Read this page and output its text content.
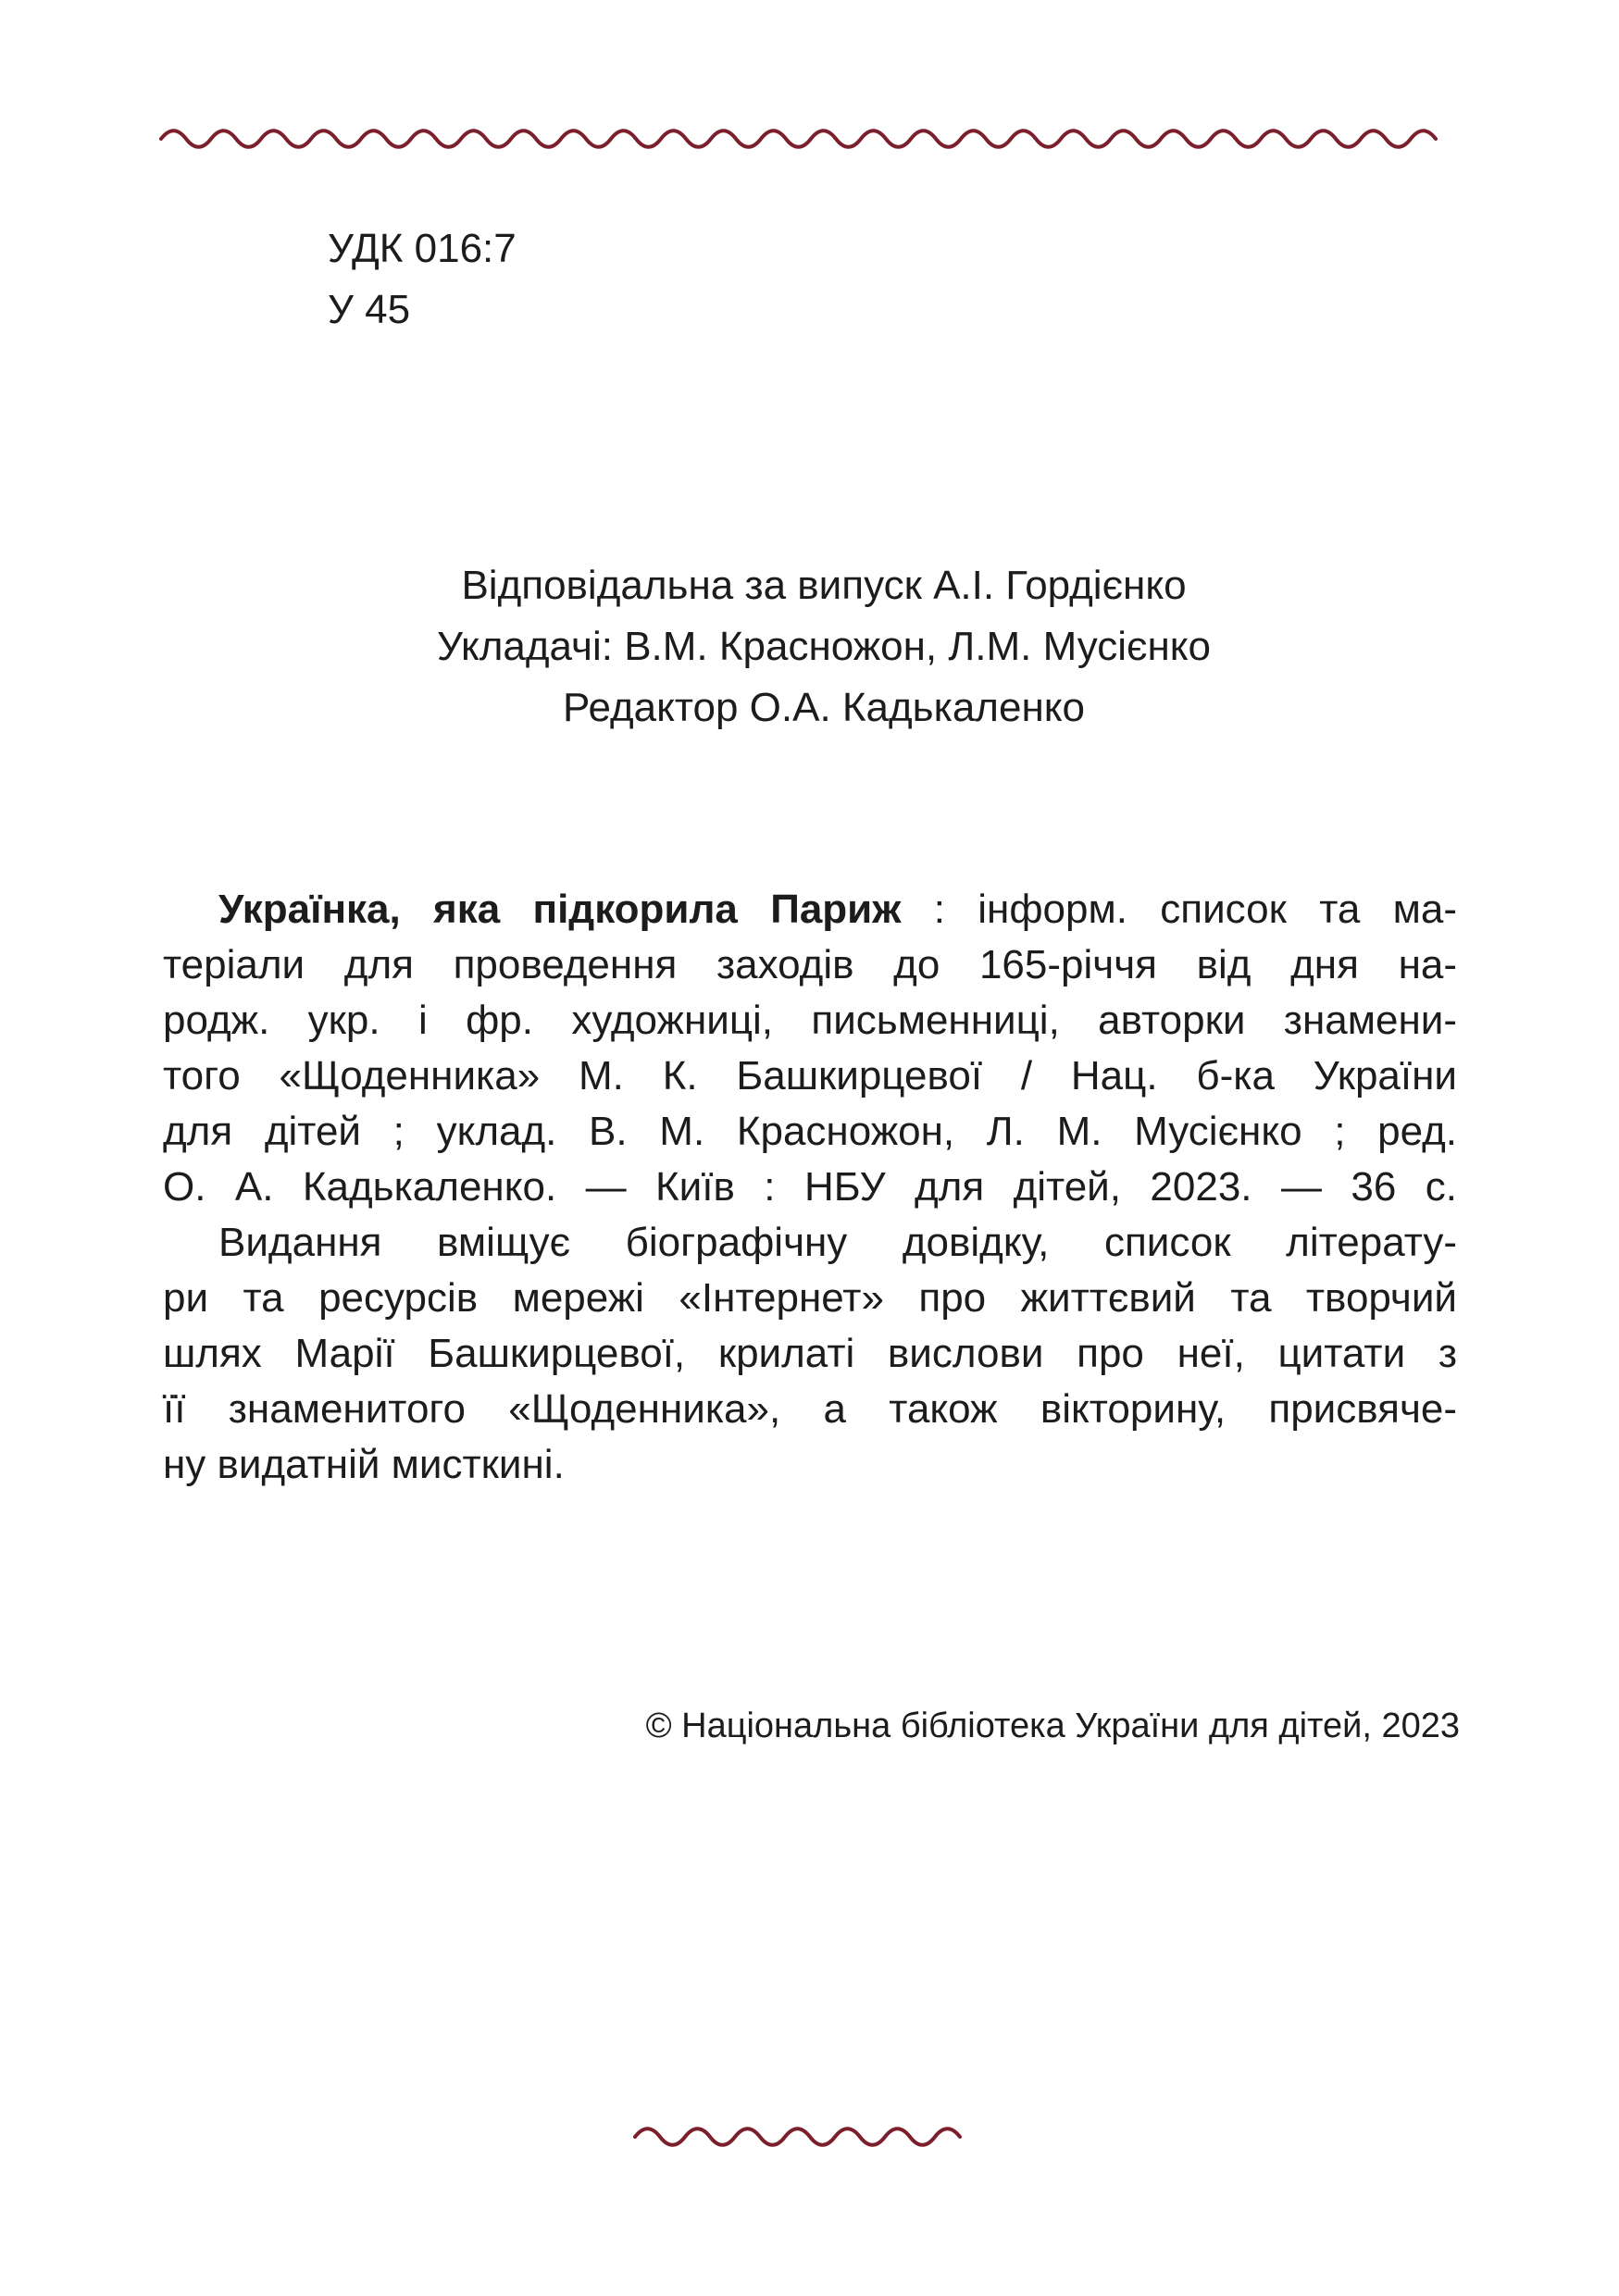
УДК 016:7
У 45
Відповідальна за випуск А.І. Гордієнко
Укладачі: В.М. Красножон, Л.М. Мусієнко
Редактор О.А. Кадькаленко

Українка, яка підкорила Париж : інформ. список та ма-
теріали для проведення заходів до 165-річчя від дня на-
родж. укр. і фр. художниці, письменниці, авторки знамени-
того «Щоденника» М. К. Башкирцевої / Нац. б-ка України
для дітей ; уклад. В. М. Красножон, Л. М. Мусієнко ; ред.
О. А. Кадькаленко. — Київ : НБУ для дітей, 2023. — 36 с.

Видання вміщує біографічну довідку, список літерату-
ри та ресурсів мережі «Інтернет» про життєвий та творчий
шлях Марії Башкирцевої, крилаті вислови про неї, цитати з
її знаменитого «Щоденника», а також вікторину, присвяче-
ну видатній мисткині.

© Національна бібліотека України для дітей, 2023
